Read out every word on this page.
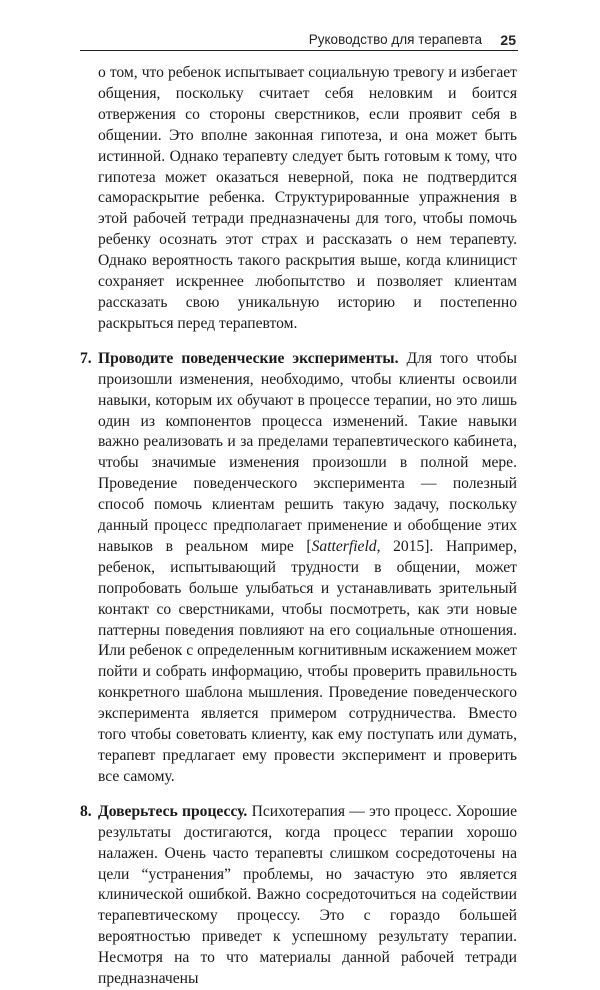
Руководство для терапевта 25

о том, что ребенок испытывает социальную тревогу и избегает общения, поскольку считает себя неловким и боится отвержения со стороны сверстников, если проявит себя в общении. Это вполне законная гипотеза, и она может быть истинной. Однако терапевту следует быть готовым к тому, что гипотеза может оказаться неверной, пока не подтвердится самораскрытие ребенка. Структурированные упражнения в этой рабочей тетради предназначены для того, чтобы помочь ребенку осознать этот страх и рассказать о нем терапевту. Однако вероятность такого раскрытия выше, когда клиницист сохраняет искреннее любопытство и позволяет клиентам рассказать свою уникальную историю и постепенно раскрыться перед терапевтом.

7. Проводите поведенческие эксперименты. Для того чтобы произошли изменения, необходимо, чтобы клиенты освоили навыки, которым их обучают в процессе терапии, но это лишь один из компонентов процесса изменений. Такие навыки важно реализовать и за пределами терапевтического кабинета, чтобы значимые изменения произошли в полной мере. Проведение поведенческого эксперимента — полезный способ помочь клиентам решить такую задачу, поскольку данный процесс предполагает применение и обобщение этих навыков в реальном мире [Satterfield, 2015]. Например, ребенок, испытывающий трудности в общении, может попробовать больше улыбаться и устанавливать зрительный контакт со сверстниками, чтобы посмотреть, как эти новые паттерны поведения повлияют на его социальные отношения. Или ребенок с определенным когнитивным искажением может пойти и собрать информацию, чтобы проверить правильность конкретного шаблона мышления. Проведение поведенческого эксперимента является примером сотрудничества. Вместо того чтобы советовать клиенту, как ему поступать или думать, терапевт предлагает ему провести эксперимент и проверить все самому.

8. Доверьтесь процессу. Психотерапия — это процесс. Хорошие результаты достигаются, когда процесс терапии хорошо налажен. Очень часто терапевты слишком сосредоточены на цели “устранения” проблемы, но зачастую это является клинической ошибкой. Важно сосредоточиться на содействии терапевтическому процессу. Это с гораздо большей вероятностью приведет к успешному результату терапии. Несмотря на то что материалы данной рабочей тетради предназначены
